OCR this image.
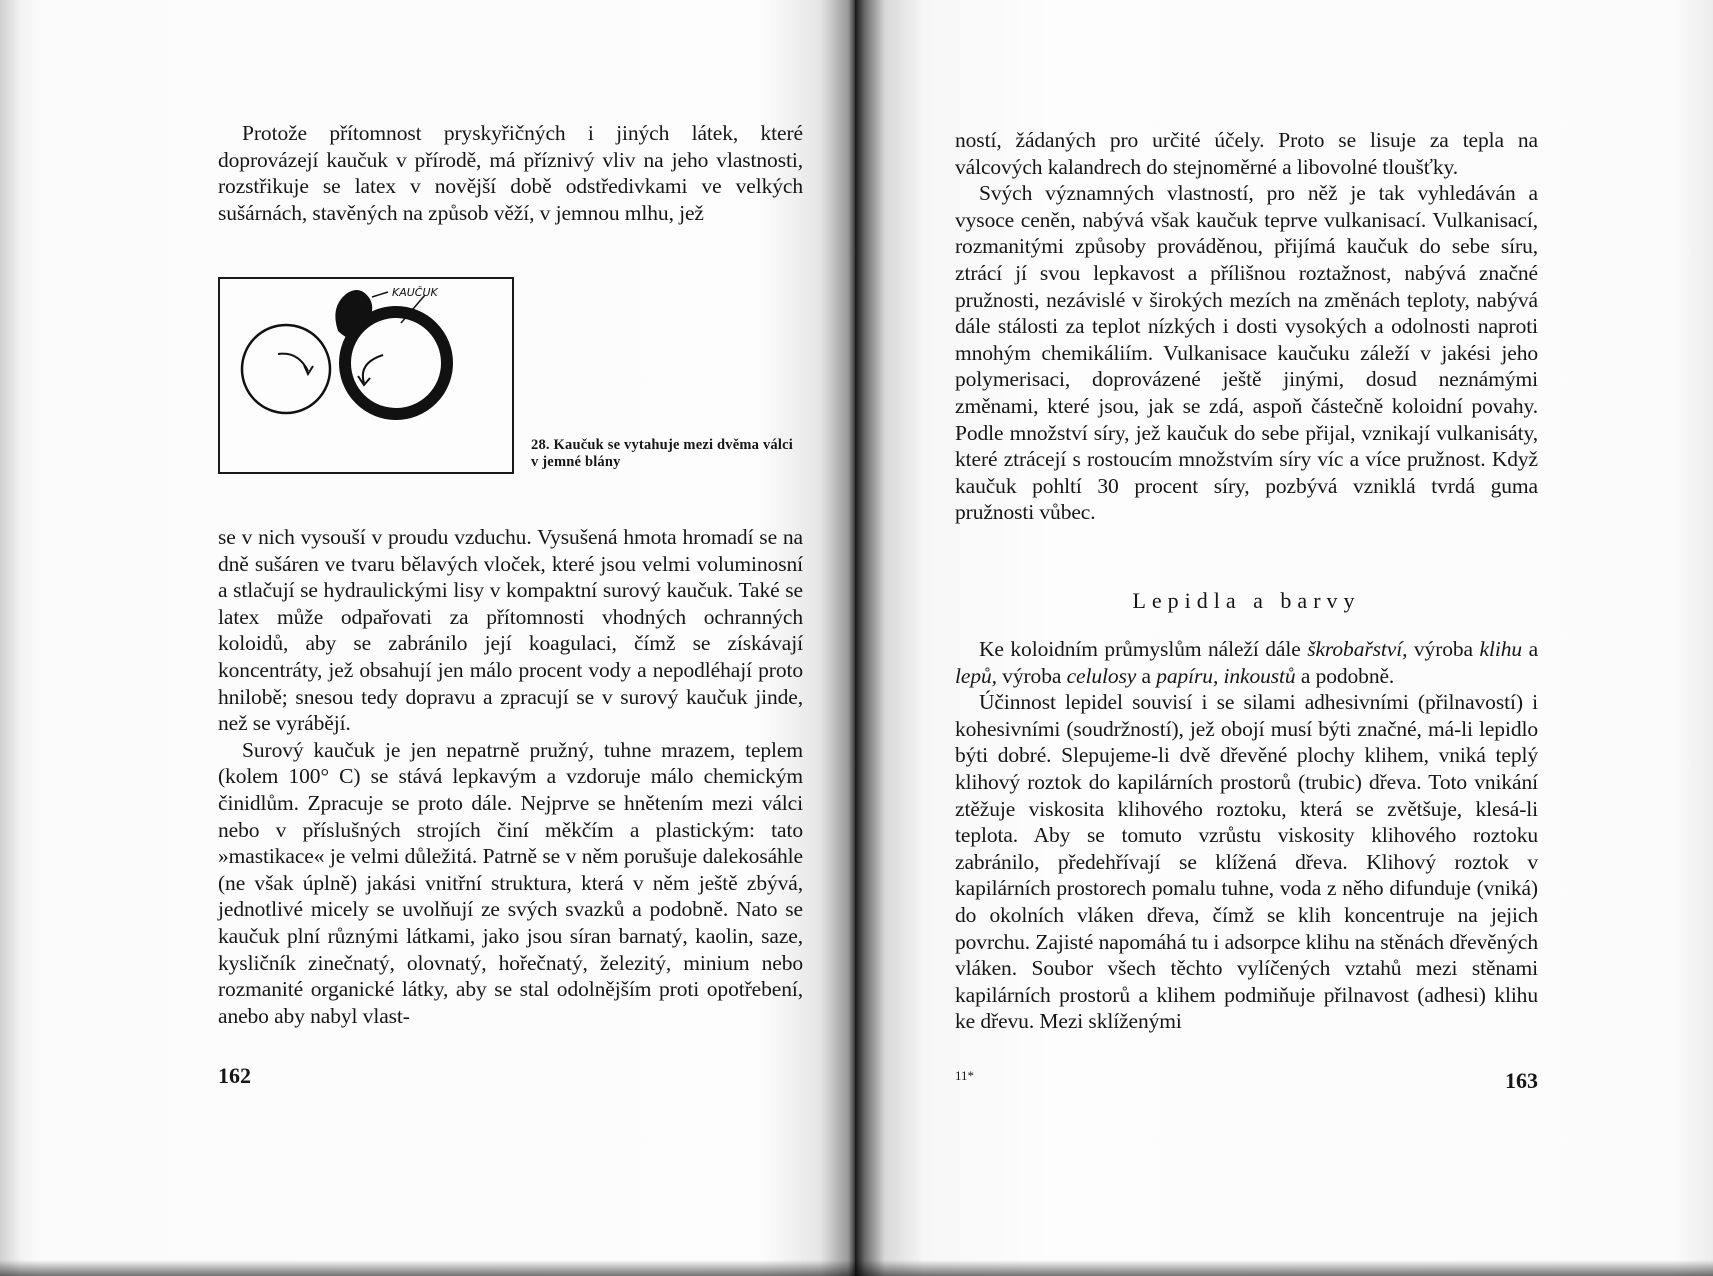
Protože přítomnost pryskyřičných i jiných látek, které doprovázejí kaučuk v přírodě, má příznivý vliv na jeho vlastnosti, rozstřikuje se latex v novější době odstředivkami ve velkých sušárnách, stavěných na způsob věží, v jemnou mlhu, jež

KAUČUK
28. Kaučuk se vytahuje mezi dvěma válci v jemné blány

se v nich vysouší v proudu vzduchu. Vysušená hmota hromadí se na dně sušáren ve tvaru bělavých vloček, které jsou velmi voluminosní a stlačují se hydraulickými lisy v kompaktní surový kaučuk. Také se latex může odpařovati za přítomnosti vhodných ochranných koloidů, aby se zabránilo její koagulaci, čímž se získávají koncentráty, jež obsahují jen málo procent vody a nepodléhají proto hnilobě; snesou tedy dopravu a zpracují se v surový kaučuk jinde, než se vyrábějí.

Surový kaučuk je jen nepatrně pružný, tuhne mrazem, teplem (kolem 100° C) se stává lepkavým a vzdoruje málo chemickým činidlům. Zpracuje se proto dále. Nejprve se hnětením mezi válci nebo v příslušných strojích činí měkčím a plastickým: tato »mastikace« je velmi důležitá. Patrně se v něm porušuje dalekosáhle (ne však úplně) jakási vnitřní struktura, která v něm ještě zbývá, jednotlivé micely se uvolňují ze svých svazků a podobně. Nato se kaučuk plní různými látkami, jako jsou síran barnatý, kaolin, saze, kysličník zinečnatý, olovnatý, hořečnatý, železitý, minium nebo rozmanité organické látky, aby se stal odolnějším proti opotřebení, anebo aby nabyl vlast-

162

ností, žádaných pro určité účely. Proto se lisuje za tepla na válcových kalandrech do stejnoměrné a libovolné tloušťky.

Svých významných vlastností, pro něž je tak vyhledáván a vysoce ceněn, nabývá však kaučuk teprve vulkanisací. Vulkanisací, rozmanitými způsoby prováděnou, přijímá kaučuk do sebe síru, ztrácí jí svou lepkavost a přílišnou roztažnost, nabývá značné pružnosti, nezávislé v širokých mezích na změnách teploty, nabývá dále stálosti za teplot nízkých i dosti vysokých a odolnosti naproti mnohým chemikáliím. Vulkanisace kaučuku záleží v jakési jeho polymerisaci, doprovázené ještě jinými, dosud neznámými změnami, které jsou, jak se zdá, aspoň částečně koloidní povahy. Podle množství síry, jež kaučuk do sebe přijal, vznikají vulkanisáty, které ztrácejí s rostoucím množstvím síry víc a více pružnost. Když kaučuk pohltí 30 procent síry, pozbývá vzniklá tvrdá guma pružnosti vůbec.

Lepidla a barvy

Ke koloidním průmyslům náleží dále škrobařství, výroba klihu a lepů, výroba celulosy a papíru, inkoustů a podobně.

Účinnost lepidel souvisí i se silami adhesivními (přilnavostí) i kohesivními (soudržností), jež obojí musí býti značné, má-li lepidlo býti dobré. Slepujeme-li dvě dřevěné plochy klihem, vniká teplý klihový roztok do kapilárních prostorů (trubic) dřeva. Toto vnikání ztěžuje viskosita klihového roztoku, která se zvětšuje, klesá-li teplota. Aby se tomuto vzrůstu viskosity klihového roztoku zabránilo, předehřívají se klížená dřeva. Klihový roztok v kapilárních prostorech pomalu tuhne, voda z něho difunduje (vniká) do okolních vláken dřeva, čímž se klih koncentruje na jejich povrchu. Zajisté napomáhá tu i adsorpce klihu na stěnách dřevěných vláken. Soubor všech těchto vylíčených vztahů mezi stěnami kapilárních prostorů a klihem podmiňuje přilnavost (adhesi) klihu ke dřevu. Mezi sklíženými

11*	163
